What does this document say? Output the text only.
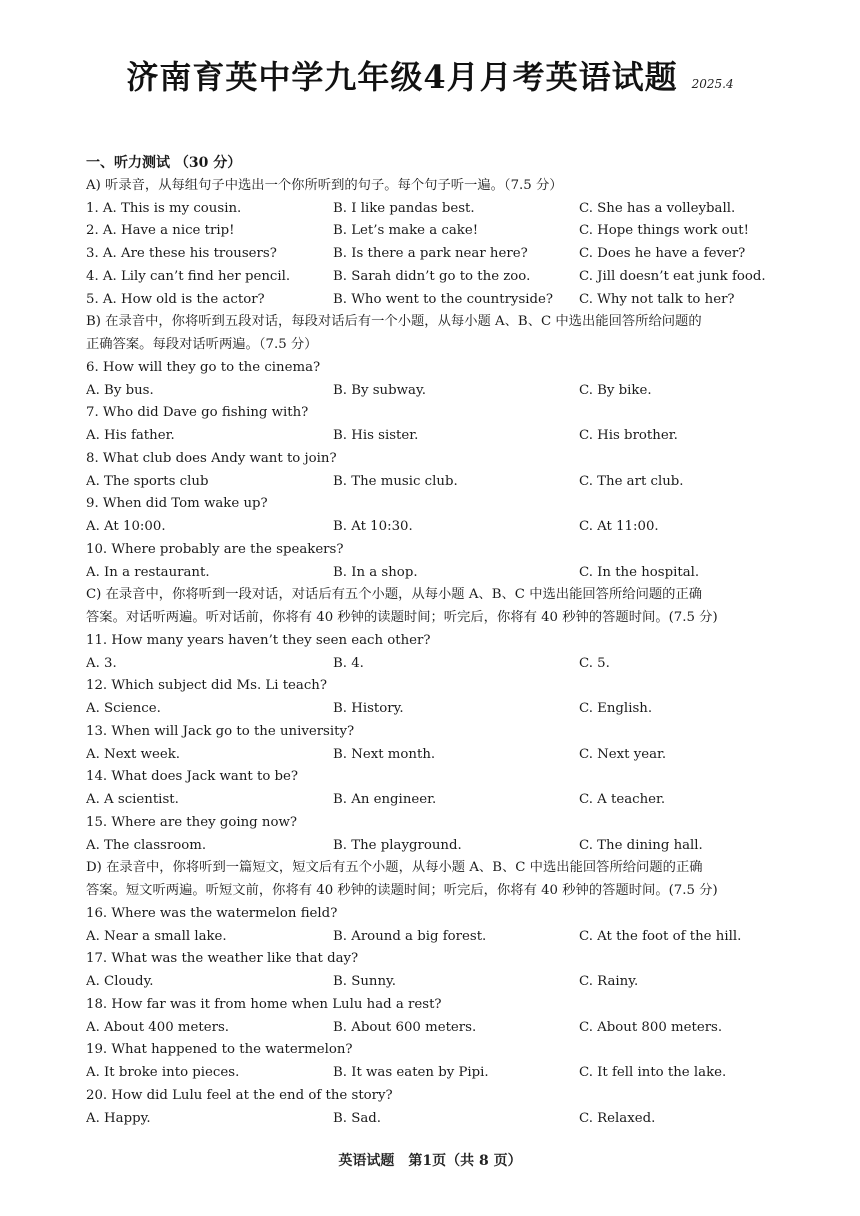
济南育英中学九年级4月月考英语试题 2025.4
一、听力测试 （30 分）
A) 听录音，从每组句子中选出一个你所听到的句子。每个句子听一遍。（7.5 分）
1. A. This is my cousin.	B. I like pandas best.	C. She has a volleyball.
2. A. Have a nice trip!	B. Let’s make a cake!	C. Hope things work out!
3. A. Are these his trousers?	B. Is there a park near here?	C. Does he have a fever?
4. A. Lily can’t find her pencil.	B. Sarah didn’t go to the zoo.	C. Jill doesn’t eat junk food.
5. A. How old is the actor?	B. Who went to the countryside? C. Why not talk to her?
B) 在录音中，你将听到五段对话，每段对话后有一个小题，从每小题 A、B、C 中选出能回答所给问题的
正确答案。每段对话听两遍。（7.5 分）
6. How will they go to the cinema?
A. By bus.	B. By subway.	C. By bike.
7. Who did Dave go fishing with?
A. His father.	B. His sister.	C. His brother.
8. What club does Andy want to join?
A. The sports club	B. The music club.	C. The art club.
9. When did Tom wake up?
A. At 10:00.	B. At 10:30.	C. At 11:00.
10. Where probably are the speakers?
A. In a restaurant.	B. In a shop.	C. In the hospital.
C) 在录音中，你将听到一段对话，对话后有五个小题，从每小题 A、B、C 中选出能回答所给问题的正确
答案。对话听两遍。听对话前，你将有 40 秒钟的读题时间；听完后，你将有 40 秒钟的答题时间。(7.5 分)
11. How many years haven’t they seen each other?
A. 3.	B. 4.	C. 5.
12. Which subject did Ms. Li teach?
A. Science.	B. History.	C. English.
13. When will Jack go to the university?
A. Next week.	B. Next month.	C. Next year.
14. What does Jack want to be?
A. A scientist.	B. An engineer.	C. A teacher.
15. Where are they going now?
A. The classroom.	B. The playground.	C. The dining hall.
D) 在录音中，你将听到一篇短文，短文后有五个小题，从每小题 A、B、C 中选出能回答所给问题的正确
答案。短文听两遍。听短文前，你将有 40 秒钟的读题时间；听完后，你将有 40 秒钟的答题时间。(7.5 分)
16. Where was the watermelon field?
A. Near a small lake.	B. Around a big forest.	C. At the foot of the hill.
17. What was the weather like that day?
A. Cloudy.	B. Sunny.	C. Rainy.
18. How far was it from home when Lulu had a rest?
A. About 400 meters.	B. About 600 meters.	C. About 800 meters.
19. What happened to the watermelon?
A. It broke into pieces.	B. It was eaten by Pipi.	C. It fell into the lake.
20. How did Lulu feel at the end of the story?
A. Happy.	B. Sad.	C. Relaxed.
英语试题　第1页（共 8 页）
